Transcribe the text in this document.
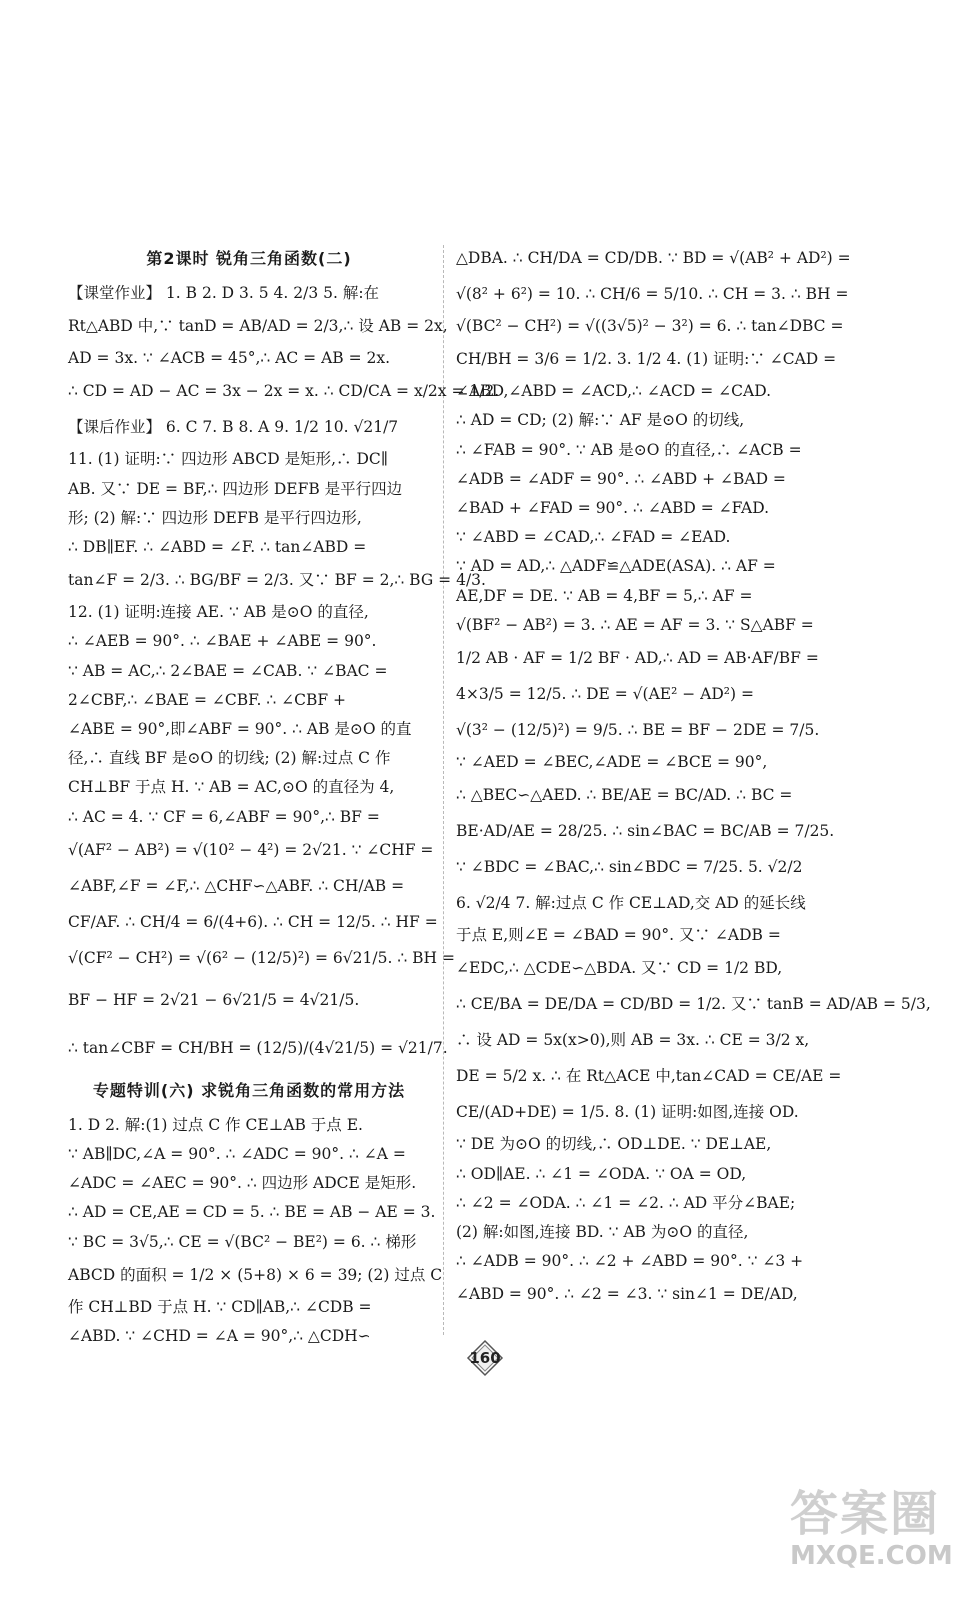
第2课时 锐角三角函数(二)
【课堂作业】 1. B 2. D 3. 5 4. 2/3 5. 解:在
Rt△ABD 中,∵ tanD = AB/AD = 2/3,∴ 设 AB = 2x,
AD = 3x. ∵ ∠ACB = 45°,∴ AC = AB = 2x.
∴ CD = AD − AC = 3x − 2x = x. ∴ CD/CA = x/2x = 1/2.
【课后作业】 6. C 7. B 8. A 9. 1/2 10. √21/7
11. (1) 证明:∵ 四边形 ABCD 是矩形,∴ DC∥
AB. 又∵ DE = BF,∴ 四边形 DEFB 是平行四边
形; (2) 解:∵ 四边形 DEFB 是平行四边形,
∴ DB∥EF. ∴ ∠ABD = ∠F. ∴ tan∠ABD =
tan∠F = 2/3. ∴ BG/BF = 2/3. 又∵ BF = 2,∴ BG = 4/3.
12. (1) 证明:连接 AE. ∵ AB 是⊙O 的直径,
∴ ∠AEB = 90°. ∴ ∠BAE + ∠ABE = 90°.
∵ AB = AC,∴ 2∠BAE = ∠CAB. ∵ ∠BAC =
2∠CBF,∴ ∠BAE = ∠CBF. ∴ ∠CBF +
∠ABE = 90°,即∠ABF = 90°. ∴ AB 是⊙O 的直
径,∴ 直线 BF 是⊙O 的切线; (2) 解:过点 C 作
CH⊥BF 于点 H. ∵ AB = AC,⊙O 的直径为 4,
∴ AC = 4. ∵ CF = 6,∠ABF = 90°,∴ BF =
√(AF² − AB²) = √(10² − 4²) = 2√21. ∵ ∠CHF =
∠ABF,∠F = ∠F,∴ △CHF∽△ABF. ∴ CH/AB =
CF/AF. ∴ CH/4 = 6/(4+6). ∴ CH = 12/5. ∴ HF =
√(CF² − CH²) = √(6² − (12/5)²) = 6√21/5. ∴ BH =
BF − HF = 2√21 − 6√21/5 = 4√21/5.
∴ tan∠CBF = CH/BH = (12/5)/(4√21/5) = √21/7.
专题特训(六) 求锐角三角函数的常用方法
1. D 2. 解:(1) 过点 C 作 CE⊥AB 于点 E.
∵ AB∥DC,∠A = 90°. ∴ ∠ADC = 90°. ∴ ∠A =
∠ADC = ∠AEC = 90°. ∴ 四边形 ADCE 是矩形.
∴ AD = CE,AE = CD = 5. ∴ BE = AB − AE = 3.
∵ BC = 3√5,∴ CE = √(BC² − BE²) = 6. ∴ 梯形
ABCD 的面积 = 1/2 × (5+8) × 6 = 39; (2) 过点 C
作 CH⊥BD 于点 H. ∵ CD∥AB,∴ ∠CDB =
∠ABD. ∵ ∠CHD = ∠A = 90°,∴ △CDH∽
△DBA. ∴ CH/DA = CD/DB. ∵ BD = √(AB² + AD²) =
√(8² + 6²) = 10. ∴ CH/6 = 5/10. ∴ CH = 3. ∴ BH =
√(BC² − CH²) = √((3√5)² − 3²) = 6. ∴ tan∠DBC =
CH/BH = 3/6 = 1/2. 3. 1/2 4. (1) 证明:∵ ∠CAD =
∠ABD,∠ABD = ∠ACD,∴ ∠ACD = ∠CAD.
∴ AD = CD; (2) 解:∵ AF 是⊙O 的切线,
∴ ∠FAB = 90°. ∵ AB 是⊙O 的直径,∴ ∠ACB =
∠ADB = ∠ADF = 90°. ∴ ∠ABD + ∠BAD =
∠BAD + ∠FAD = 90°. ∴ ∠ABD = ∠FAD.
∵ ∠ABD = ∠CAD,∴ ∠FAD = ∠EAD.
∵ AD = AD,∴ △ADF≌△ADE(ASA). ∴ AF =
AE,DF = DE. ∵ AB = 4,BF = 5,∴ AF =
√(BF² − AB²) = 3. ∴ AE = AF = 3. ∵ S△ABF =
1/2 AB · AF = 1/2 BF · AD,∴ AD = AB·AF/BF =
4×3/5 = 12/5. ∴ DE = √(AE² − AD²) =
√(3² − (12/5)²) = 9/5. ∴ BE = BF − 2DE = 7/5.
∵ ∠AED = ∠BEC,∠ADE = ∠BCE = 90°,
∴ △BEC∽△AED. ∴ BE/AE = BC/AD. ∴ BC =
BE·AD/AE = 28/25. ∴ sin∠BAC = BC/AB = 7/25.
∵ ∠BDC = ∠BAC,∴ sin∠BDC = 7/25. 5. √2/2
6. √2/4 7. 解:过点 C 作 CE⊥AD,交 AD 的延长线
于点 E,则∠E = ∠BAD = 90°. 又∵ ∠ADB =
∠EDC,∴ △CDE∽△BDA. 又∵ CD = 1/2 BD,
∴ CE/BA = DE/DA = CD/BD = 1/2. 又∵ tanB = AD/AB = 5/3,
∴ 设 AD = 5x(x>0),则 AB = 3x. ∴ CE = 3/2 x,
DE = 5/2 x. ∴ 在 Rt△ACE 中,tan∠CAD = CE/AE =
CE/(AD+DE) = 1/5. 8. (1) 证明:如图,连接 OD.
∵ DE 为⊙O 的切线,∴ OD⊥DE. ∵ DE⊥AE,
∴ OD∥AE. ∴ ∠1 = ∠ODA. ∵ OA = OD,
∴ ∠2 = ∠ODA. ∴ ∠1 = ∠2. ∴ AD 平分∠BAE;
(2) 解:如图,连接 BD. ∵ AB 为⊙O 的直径,
∴ ∠ADB = 90°. ∴ ∠2 + ∠ABD = 90°. ∵ ∠3 +
∠ABD = 90°. ∴ ∠2 = ∠3. ∵ sin∠1 = DE/AD,
160
答案圈
MXQE.COM
